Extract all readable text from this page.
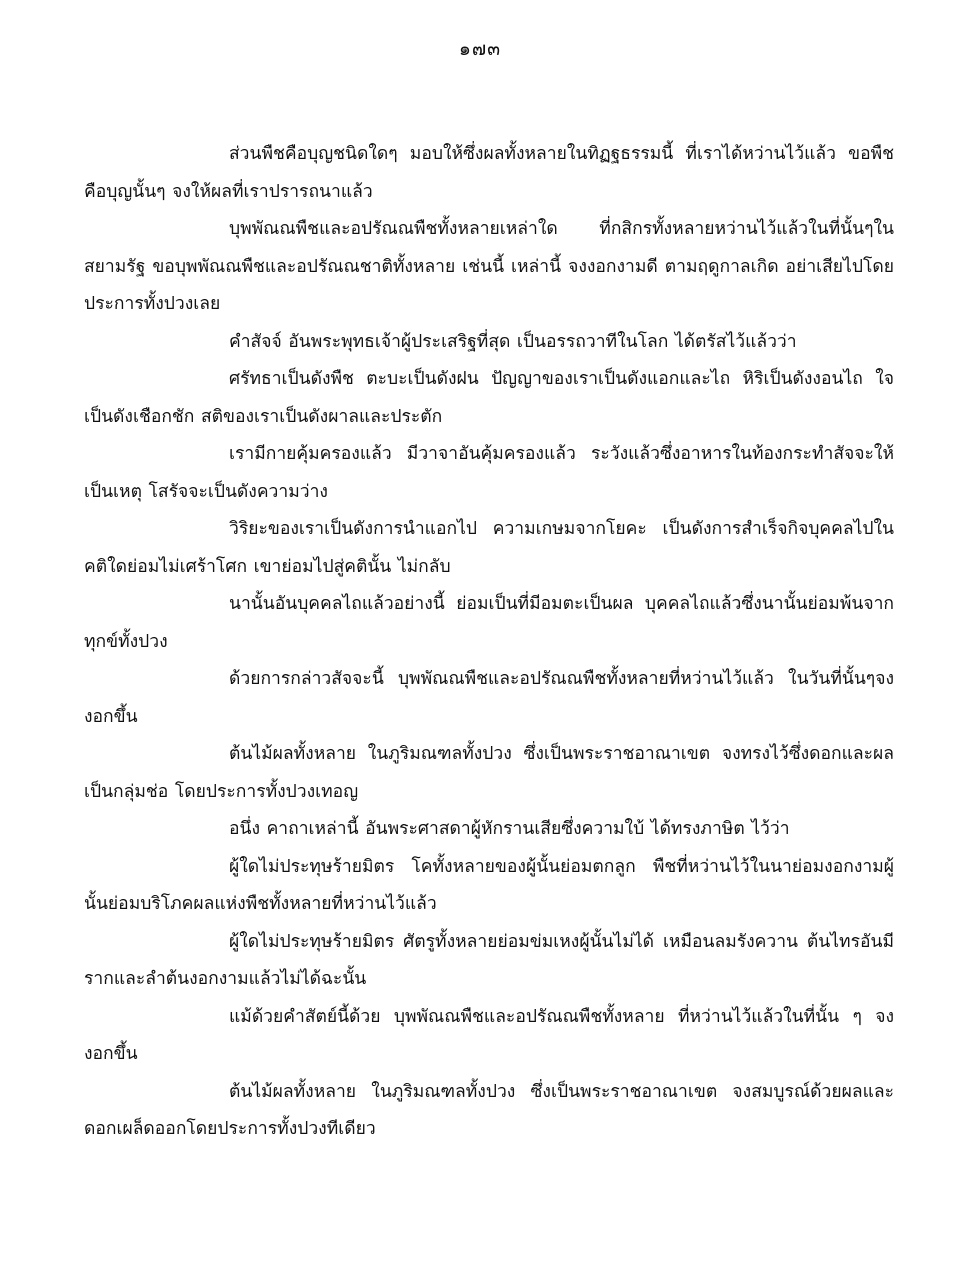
๑๗๓

ส่วนพืชคือบุญชนิดใดๆ มอบให้ซึ่งผลทั้งหลายในทิฏฐธรรมนี้ ที่เราได้หว่านไว้แล้ว ขอพืชคือบุญนั้นๆ จงให้ผลที่เราปรารถนาแล้ว

บุพพัณณพืชและอปรัณณพืชทั้งหลายเหล่าใด ที่กสิกรทั้งหลายหว่านไว้แล้วในที่นั้นๆในสยามรัฐ ขอบุพพัณณพืชและอปรัณณชาติทั้งหลาย เช่นนี้ เหล่านี้ จงงอกงามดี ตามฤดูกาลเกิด อย่าเสียไปโดยประการทั้งปวงเลย

คำสัจจ์ อันพระพุทธเจ้าผู้ประเสริฐที่สุด เป็นอรรถวาทีในโลก ได้ตรัสไว้แล้วว่า

ศรัทธาเป็นดังพืช ตะบะเป็นดังฝน ปัญญาของเราเป็นดังแอกและไถ หิริเป็นดังงอนไถ ใจเป็นดังเชือกชัก สติของเราเป็นดังผาลและประตัก

เรามีกายคุ้มครองแล้ว มีวาจาอันคุ้มครองแล้ว ระวังแล้วซึ่งอาหารในท้องกระทำสัจจะให้เป็นเหตุ โสรัจจะเป็นดังความว่าง

วิริยะของเราเป็นดังการนำแอกไป ความเกษมจากโยคะ เป็นดังการสำเร็จกิจบุคคลไปในคติใดย่อมไม่เศร้าโศก เขาย่อมไปสู่คตินั้น ไม่กลับ

นานั้นอันบุคคลไถแล้วอย่างนี้ ย่อมเป็นที่มีอมตะเป็นผล บุคคลไถแล้วซึ่งนานั้นย่อมพ้นจากทุกข์ทั้งปวง

ด้วยการกล่าวสัจจะนี้ บุพพัณณพืชและอปรัณณพืชทั้งหลายที่หว่านไว้แล้ว ในวันที่นั้นๆจงงอกขึ้น

ต้นไม้ผลทั้งหลาย ในภูริมณฑลทั้งปวง ซึ่งเป็นพระราชอาณาเขต จงทรงไว้ซึ่งดอกและผลเป็นกลุ่มช่อ โดยประการทั้งปวงเทอญ

อนึ่ง คาถาเหล่านี้ อันพระศาสดาผู้หักรานเสียซึ่งความใบ้ ได้ทรงภาษิต ไว้ว่า

ผู้ใดไม่ประทุษร้ายมิตร โคทั้งหลายของผู้นั้นย่อมตกลูก พืชที่หว่านไว้ในนาย่อมงอกงามผู้นั้นย่อมบริโภคผลแห่งพืชทั้งหลายที่หว่านไว้แล้ว

ผู้ใดไม่ประทุษร้ายมิตร ศัตรูทั้งหลายย่อมข่มเหงผู้นั้นไม่ได้ เหมือนลมรังควาน ต้นไทรอันมีรากและลำต้นงอกงามแล้วไม่ได้ฉะนั้น

แม้ด้วยคำสัตย์นี้ด้วย บุพพัณณพืชและอปรัณณพืชทั้งหลาย ที่หว่านไว้แล้วในที่นั้น ๆ จงงอกขึ้น

ต้นไม้ผลทั้งหลาย ในภูริมณฑลทั้งปวง ซึ่งเป็นพระราชอาณาเขต จงสมบูรณ์ด้วยผลและดอกเผล็ดออกโดยประการทั้งปวงทีเดียว
